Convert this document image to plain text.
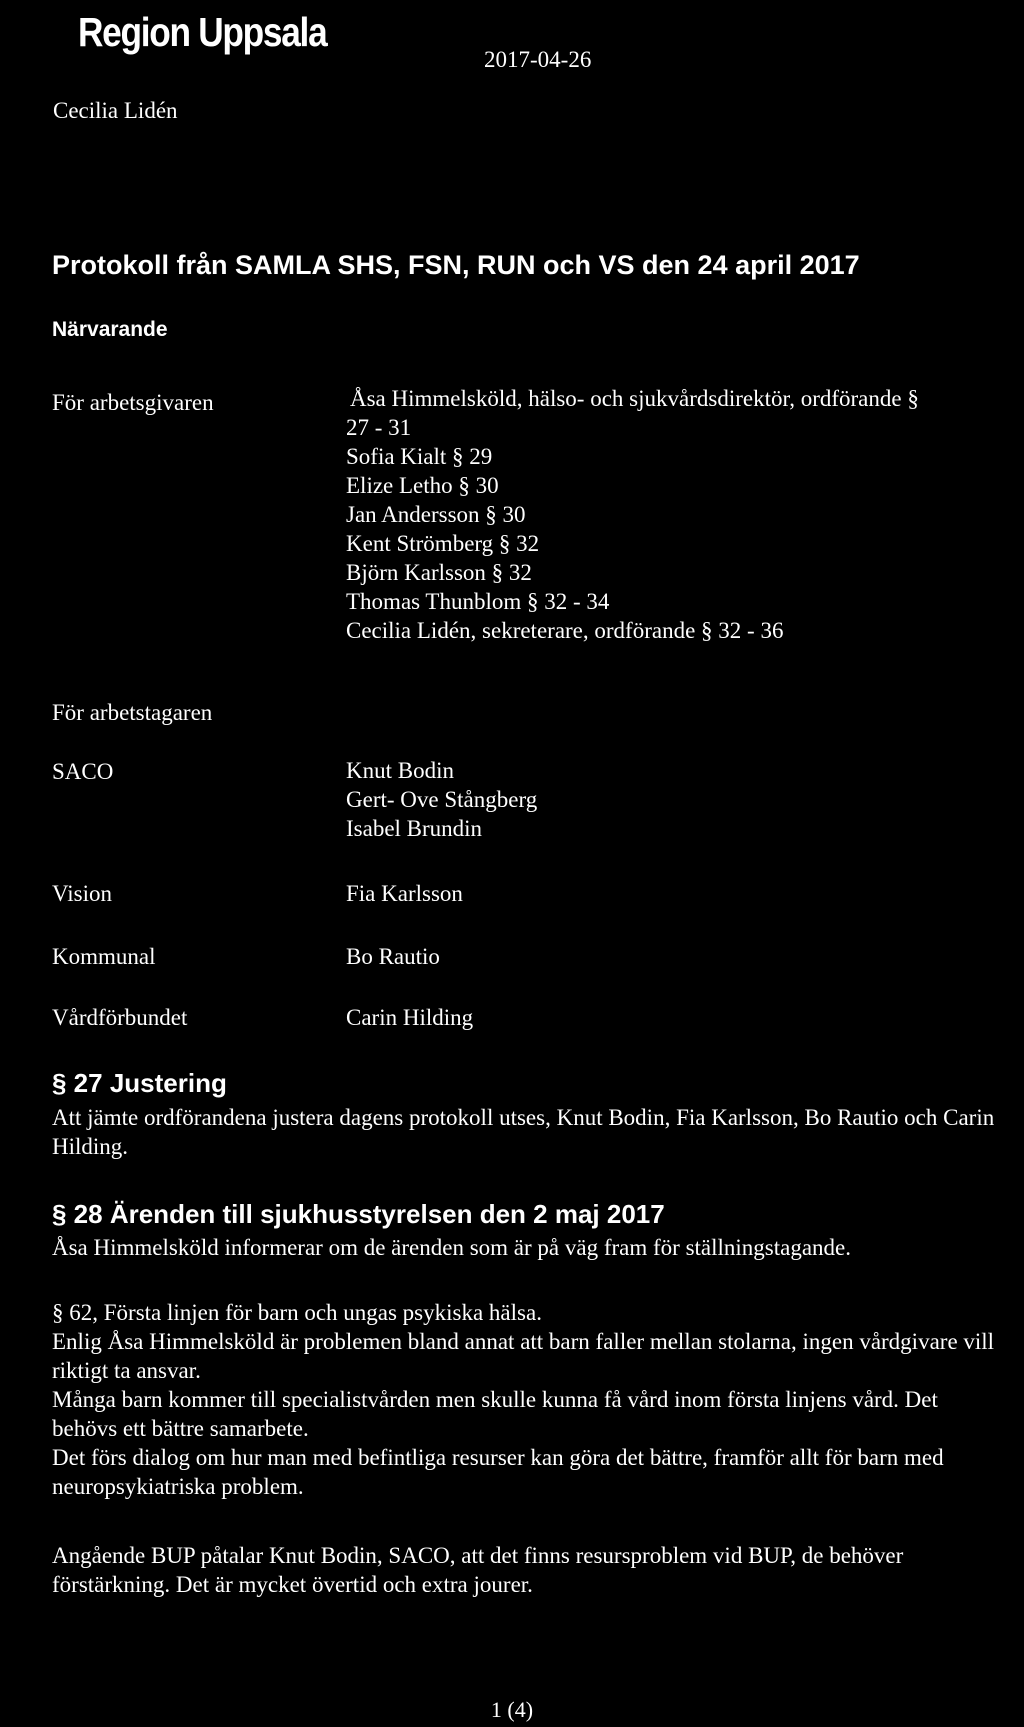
Region Uppsala
2017-04-26
Cecilia Lidén
Protokoll från SAMLA SHS, FSN, RUN och VS den 24 april 2017
Närvarande
För arbetsgivaren	Åsa Himmelsköld, hälso- och sjukvårdsdirektör, ordförande §
27 - 31
Sofia Kialt § 29
Elize Letho § 30
Jan Andersson § 30
Kent Strömberg § 32
Björn Karlsson § 32
Thomas Thunblom § 32 - 34
Cecilia Lidén, sekreterare, ordförande § 32 - 36
För arbetstagaren
SACO	Knut Bodin
Gert- Ove Stångberg
Isabel Brundin
Vision	Fia Karlsson
Kommunal	Bo Rautio
Vårdförbundet	Carin Hilding
§ 27 Justering

Att jämte ordförandena justera dagens protokoll utses, Knut Bodin, Fia Karlsson, Bo Rautio och Carin Hilding.

§ 28 Ärenden till sjukhusstyrelsen den 2 maj 2017

Åsa Himmelsköld informerar om de ärenden som är på väg fram för ställningstagande.

§ 62, Första linjen för barn och ungas psykiska hälsa.

Enlig Åsa Himmelsköld är problemen bland annat att barn faller mellan stolarna, ingen vårdgivare vill riktigt ta ansvar.

Många barn kommer till specialistvården men skulle kunna få vård inom första linjens vård. Det behövs ett bättre samarbete.

Det förs dialog om hur man med befintliga resurser kan göra det bättre, framför allt för barn med neuropsykiatriska problem.

Angående BUP påtalar Knut Bodin, SACO, att det finns resursproblem vid BUP, de behöver förstärkning. Det är mycket övertid och extra jourer.

1 (4)
